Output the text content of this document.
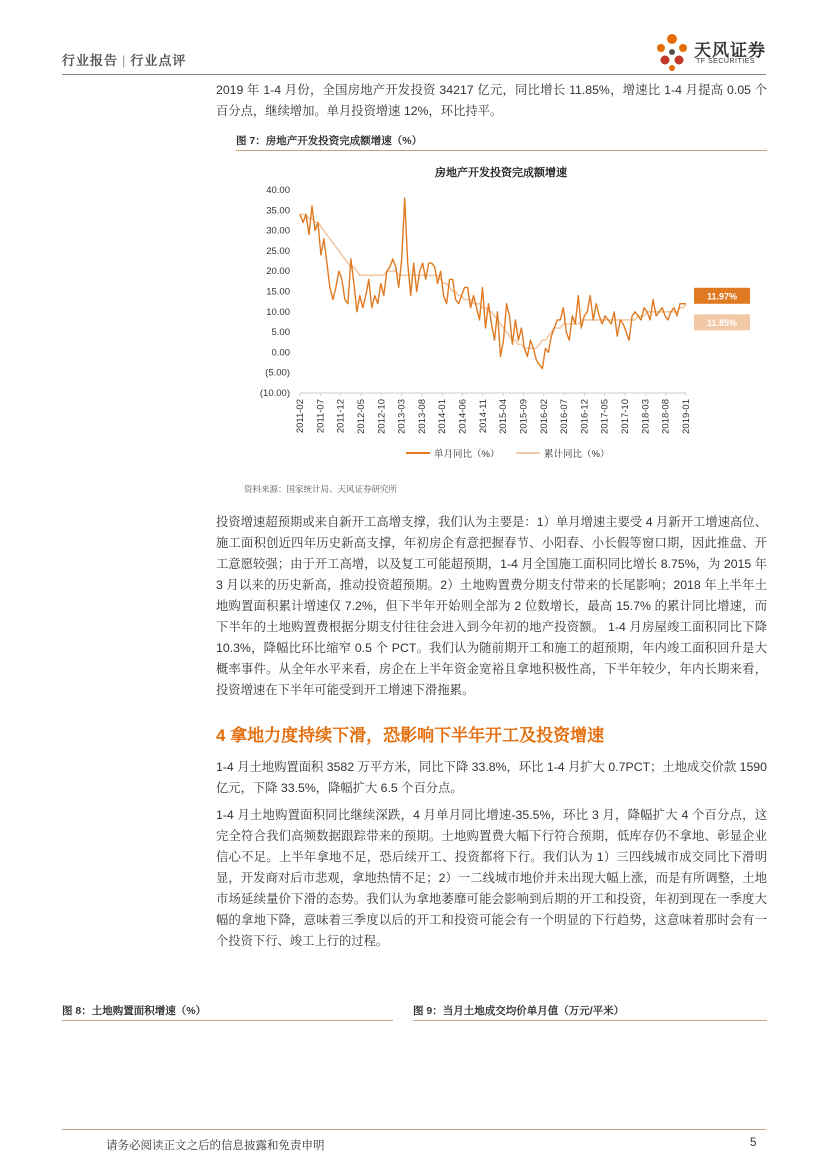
行业报告 | 行业点评
天风证券
TF SECURITIES

2019 年 1-4 月份，全国房地产开发投资 34217 亿元，同比增长 11.85%，增速比 1-4 月提高 0.05 个百分点，继续增加。单月投资增速 12%，环比持平。

图 7：房地产开发投资完成额增速（%）
房地产开发投资完成额增速
40.00
35.00
30.00
25.00
20.00
15.00
10.00
5.00
0.00
(5.00)
(10.00)
2011-02 2011-07 2011-12 2012-05 2012-10 2013-03 2013-08 2014-01 2014-06 2014-11 2015-04 2015-09 2016-02 2016-07 2016-12 2017-05 2017-10 2018-03 2018-08 2019-01
11.97%
11.85%
单月同比（%）	累计同比（%）
资料来源：国家统计局、天风证券研究所

投资增速超预期或来自新开工高增支撑，我们认为主要是：1）单月增速主要受 4 月新开工增速高位、施工面积创近四年历史新高支撑，年初房企有意把握春节、小阳春、小长假等窗口期，因此推盘、开工意愿较强；由于开工高增，以及复工可能超预期，1-4 月全国施工面积同比增长 8.75%，为 2015 年 3 月以来的历史新高，推动投资超预期。2）土地购置费分期支付带来的长尾影响；2018 年上半年土地购置面积累计增速仅 7.2%，但下半年开始则全部为 2 位数增长，最高 15.7% 的累计同比增速，而下半年的土地购置费根据分期支付往往会进入到今年初的地产投资额。 1-4 月房屋竣工面积同比下降 10.3%，降幅比环比缩窄 0.5 个 PCT。我们认为随前期开工和施工的超预期，年内竣工面积回升是大概率事件。从全年水平来看，房企在上半年资金宽裕且拿地积极性高，下半年较少，年内长期来看，投资增速在下半年可能受到开工增速下滑拖累。

4 拿地力度持续下滑，恐影响下半年开工及投资增速

1-4 月土地购置面积 3582 万平方米，同比下降 33.8%，环比 1-4 月扩大 0.7PCT；土地成交价款 1590 亿元，下降 33.5%，降幅扩大 6.5 个百分点。

1-4 月土地购置面积同比继续深跌，4 月单月同比增速-35.5%，环比 3 月，降幅扩大 4 个百分点，这完全符合我们高频数据跟踪带来的预期。土地购置费大幅下行符合预期，低库存仍不拿地、彰显企业信心不足。上半年拿地不足，恐后续开工、投资都将下行。我们认为 1）三四线城市成交同比下滑明显，开发商对后市悲观，拿地热情不足；2）一二线城市地价并未出现大幅上涨，而是有所调整，土地市场延续量价下滑的态势。我们认为拿地萎靡可能会影响到后期的开工和投资，年初到现在一季度大幅的拿地下降，意味着三季度以后的开工和投资可能会有一个明显的下行趋势，这意味着那时会有一个投资下行、竣工上行的过程。

图 8：土地购置面积增速（%）	图 9：当月土地成交均价单月值（万元/平米）
请务必阅读正文之后的信息披露和免责申明	5
